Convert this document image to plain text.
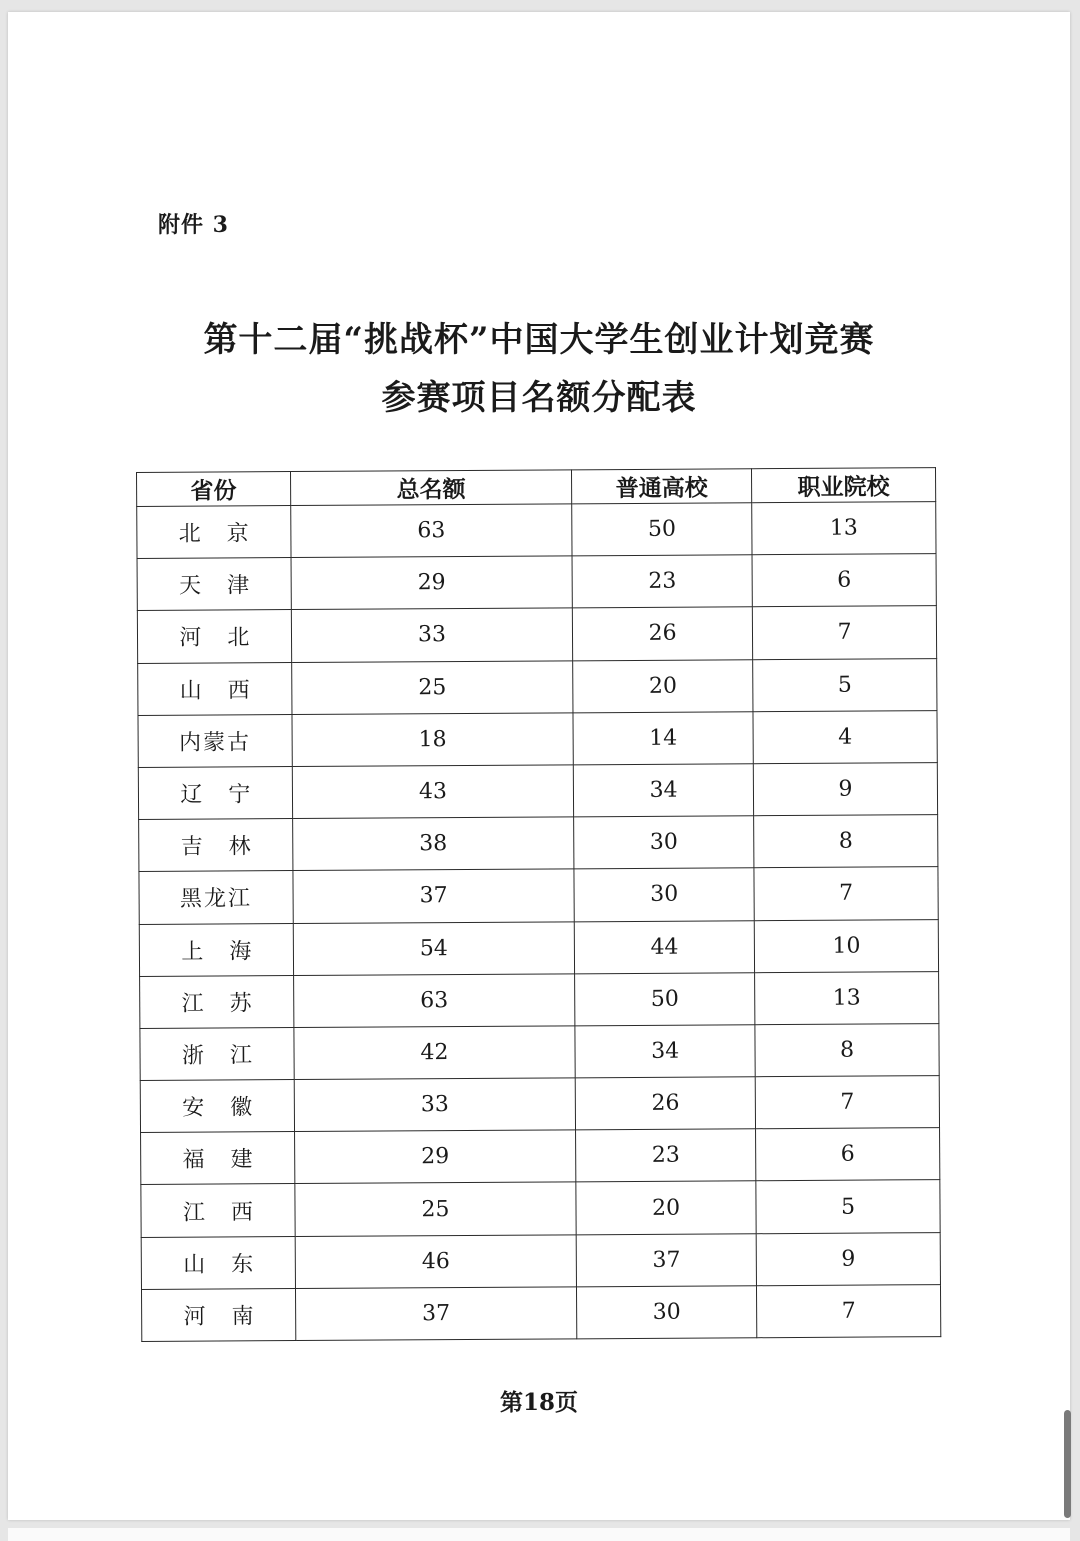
附件 3
第十二届“挑战杯”中国大学生创业计划竞赛
参赛项目名额分配表
省份	总名额	普通高校	职业院校
北京	63	50	13
天津	29	23	6
河北	33	26	7
山西	25	20	5
内蒙古	18	14	4
辽宁	43	34	9
吉林	38	30	8
黑龙江	37	30	7
上海	54	44	10
江苏	63	50	13
浙江	42	34	8
安徽	33	26	7
福建	29	23	6
江西	25	20	5
山东	46	37	9
河南	37	30	7
第18页
